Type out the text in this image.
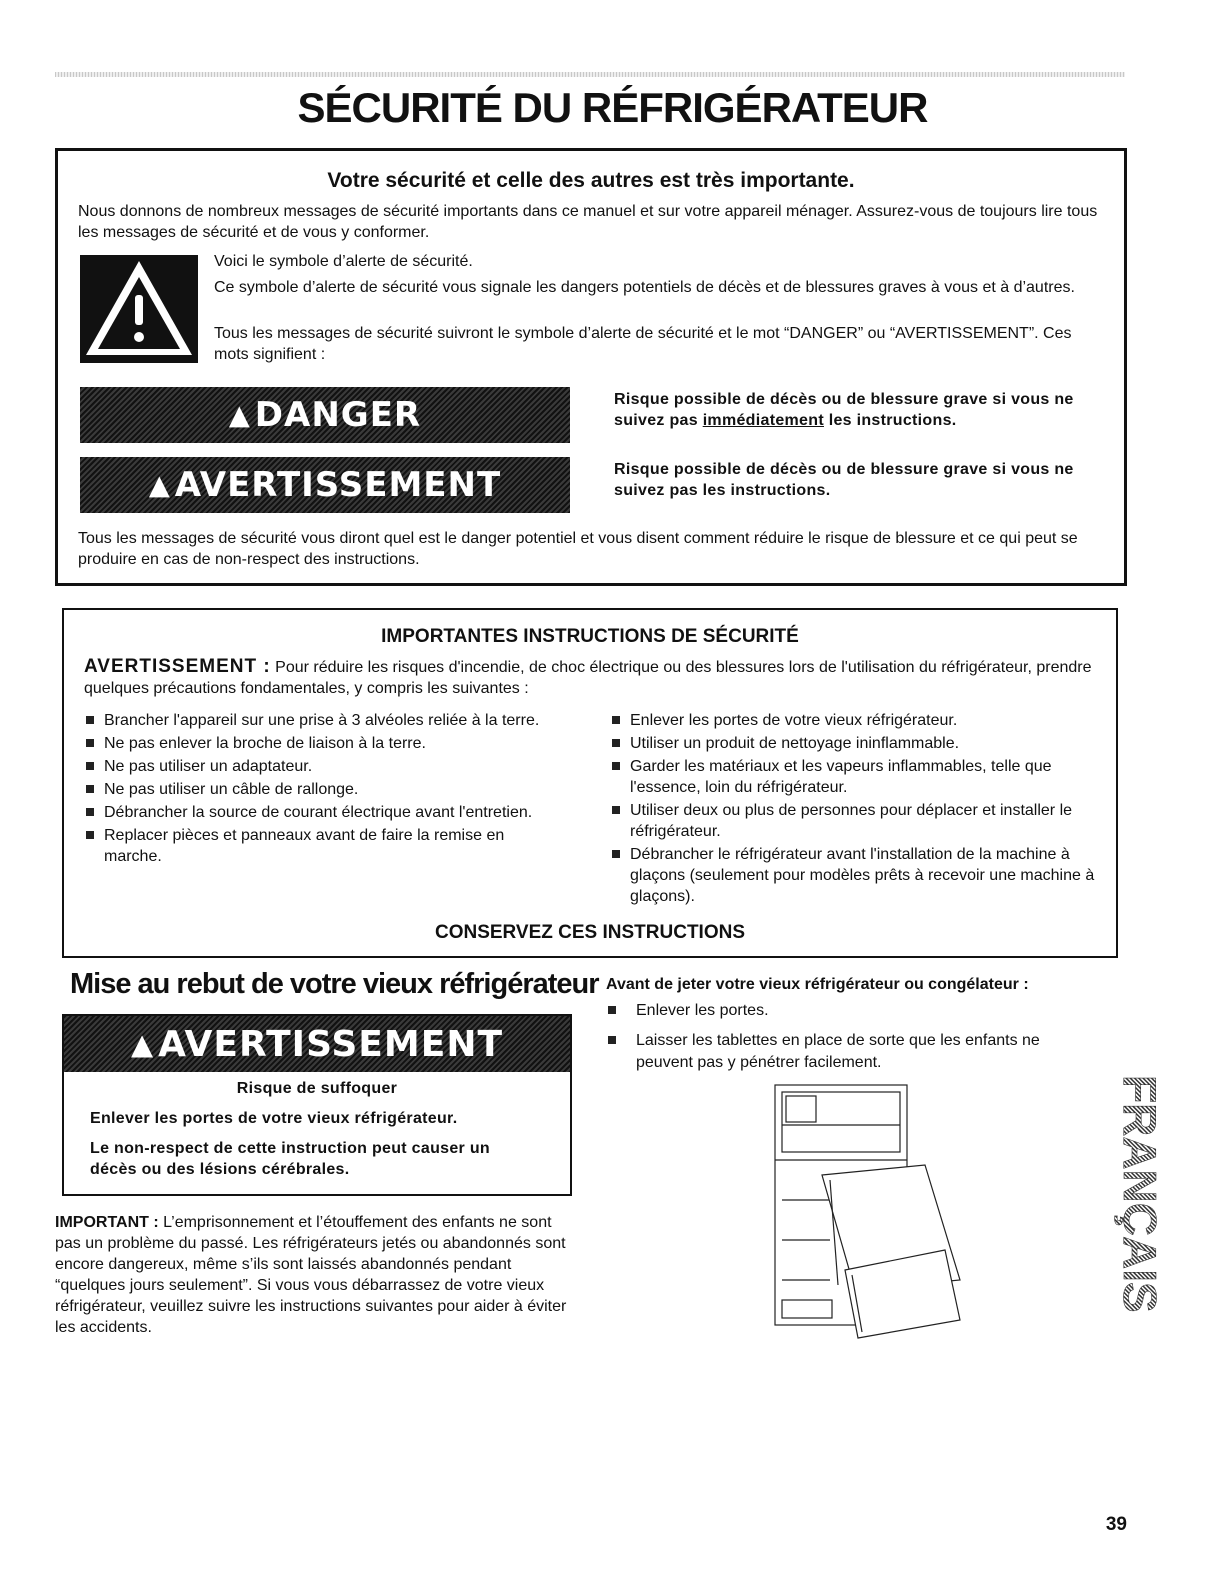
SÉCURITÉ DU RÉFRIGÉRATEUR
Votre sécurité et celle des autres est très importante.
Nous donnons de nombreux messages de sécurité importants dans ce manuel et sur votre appareil ménager. Assurez-vous de toujours lire tous les messages de sécurité et de vous y conformer.
Voici le symbole d’alerte de sécurité.
Ce symbole d’alerte de sécurité vous signale les dangers potentiels de décès et de blessures graves à vous et à d’autres.
Tous les messages de sécurité suivront le symbole d’alerte de sécurité et le mot “DANGER” ou “AVERTISSEMENT”. Ces mots signifient :
▲ DANGER	Risque possible de décès ou de blessure grave si vous ne suivez pas immédiatement les instructions.
▲ AVERTISSEMENT	Risque possible de décès ou de blessure grave si vous ne suivez pas les instructions.
Tous les messages de sécurité vous diront quel est le danger potentiel et vous disent comment réduire le risque de blessure et ce qui peut se produire en cas de non-respect des instructions.
IMPORTANTES INSTRUCTIONS DE SÉCURITÉ
AVERTISSEMENT : Pour réduire les risques d'incendie, de choc électrique ou des blessures lors de l'utilisation du réfrigérateur, prendre quelques précautions fondamentales, y compris les suivantes :
Brancher l'appareil sur une prise à 3 alvéoles reliée à la terre.
Ne pas enlever la broche de liaison à la terre.
Ne pas utiliser un adaptateur.
Ne pas utiliser un câble de rallonge.
Débrancher la source de courant électrique avant l'entretien.
Replacer pièces et panneaux avant de faire la remise en marche.
Enlever les portes de votre vieux réfrigérateur.
Utiliser un produit de nettoyage ininflammable.
Garder les matériaux et les vapeurs inflammables, telle que l'essence, loin du réfrigérateur.
Utiliser deux ou plus de personnes pour déplacer et installer le réfrigérateur.
Débrancher le réfrigérateur avant l'installation de la machine à glaçons (seulement pour modèles prêts à recevoir une machine à glaçons).
CONSERVEZ CES INSTRUCTIONS
Mise au rebut de votre vieux réfrigérateur
▲ AVERTISSEMENT
Risque de suffoquer
Enlever les portes de votre vieux réfrigérateur.
Le non-respect de cette instruction peut causer un décès ou des lésions cérébrales.
IMPORTANT : L’emprisonnement et l’étouffement des enfants ne sont pas un problème du passé. Les réfrigérateurs jetés ou abandonnés sont encore dangereux, même s’ils sont laissés abandonnés pendant “quelques jours seulement”. Si vous vous débarrassez de votre vieux réfrigérateur, veuillez suivre les instructions suivantes pour aider à éviter les accidents.
Avant de jeter votre vieux réfrigérateur ou congélateur :
Enlever les portes.
Laisser les tablettes en place de sorte que les enfants ne peuvent pas y pénétrer facilement.
FRANÇAIS
39
